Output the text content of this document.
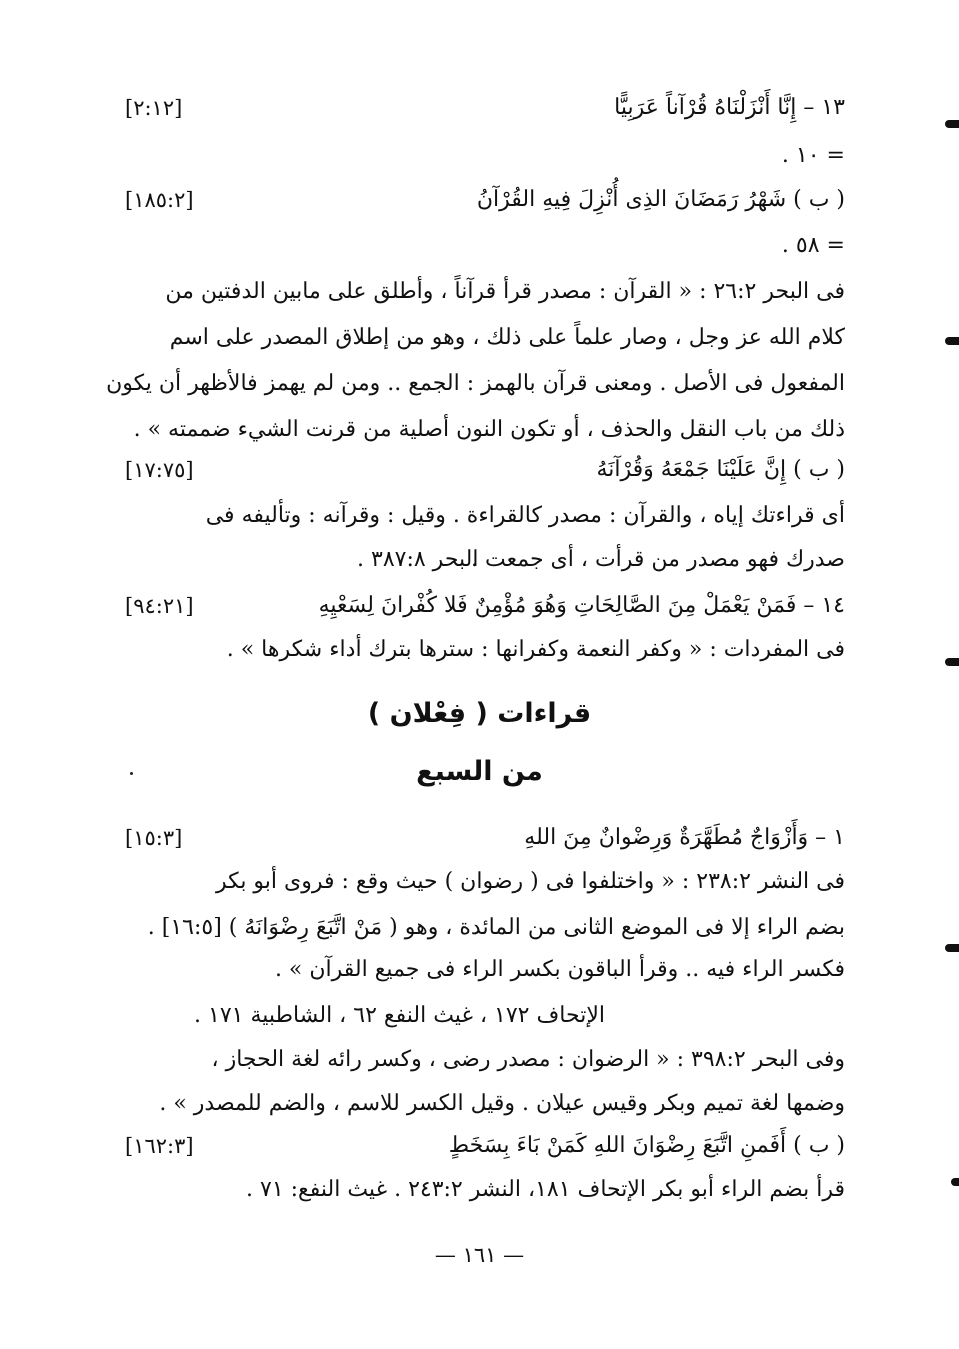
١٣ – إِنَّا أَنْزَلْنَاهُ قُرْآناً عَرَبِيًّا
[٢:١٢]
= ١٠ .
( ب ) شَهْرُ رَمَضَانَ الذِى أُنْزِلَ فِيهِ القُرْآنُ
[١٨٥:٢]
= ٥٨ .
فى البحر ٢٦:٢ : « القرآن : مصدر قرأ قرآناً ، وأطلق على مابين الدفتين من
كلام الله عز وجل ، وصار علماً على ذلك ، وهو من إطلاق المصدر على اسم
المفعول فى الأصل . ومعنى قرآن بالهمز : الجمع .. ومن لم يهمز فالأظهر أن يكون
ذلك من باب النقل والحذف ، أو تكون النون أصلية من قرنت الشيء ضممته » .
( ب ) إِنَّ عَلَيْنَا جَمْعَهُ وَقُرْآنَهُ
[١٧:٧٥]
أى قراءتك إياه ، والقرآن : مصدر كالقراءة . وقيل : وقرآنه : وتأليفه فى
صدرك فهو مصدر من قرأت ، أى جمعت .
البحر ٣٨٧:٨ .
١٤ – فَمَنْ يَعْمَلْ مِنَ الصَّالِحَاتِ وَهُوَ مُؤْمِنٌ فَلا كُفْرانَ لِسَعْيِهِ
[٩٤:٢١]
فى المفردات : « وكفر النعمة وكفرانها : سترها بترك أداء شكرها » .
قراءات ( فِعْلان )
من السبع
١ – وَأَزْوَاجٌ مُطَهَّرَةٌ وَرِضْوانٌ مِنَ اللهِ
[١٥:٣]
فى النشر ٢٣٨:٢ : « واختلفوا فى ( رضوان ) حيث وقع : فروى أبو بكر
بضم الراء إلا فى الموضع الثانى من المائدة ، وهو ( مَنْ اتَّبَعَ رِضْوَانَهُ ) [١٦:٥] .
فكسر الراء فيه .. وقرأ الباقون بكسر الراء فى جميع القرآن » .
الإتحاف ١٧٢ ، غيث النفع ٦٢ ، الشاطبية ١٧١ .
وفى البحر ٣٩٨:٢ : « الرضوان : مصدر رضى ، وكسر رائه لغة الحجاز ،
وضمها لغة تميم وبكر وقيس عيلان . وقيل الكسر للاسم ، والضم للمصدر » .
( ب ) أَفَمنِ اتَّبَعَ رِضْوَانَ اللهِ كَمَنْ بَاءَ بِسَخَطٍ
[١٦٢:٣]
قرأ بضم الراء أبو بكر الإتحاف ١٨١، النشر ٢٤٣:٢ . غيث النفع: ٧١ .
— ١٦١ —
